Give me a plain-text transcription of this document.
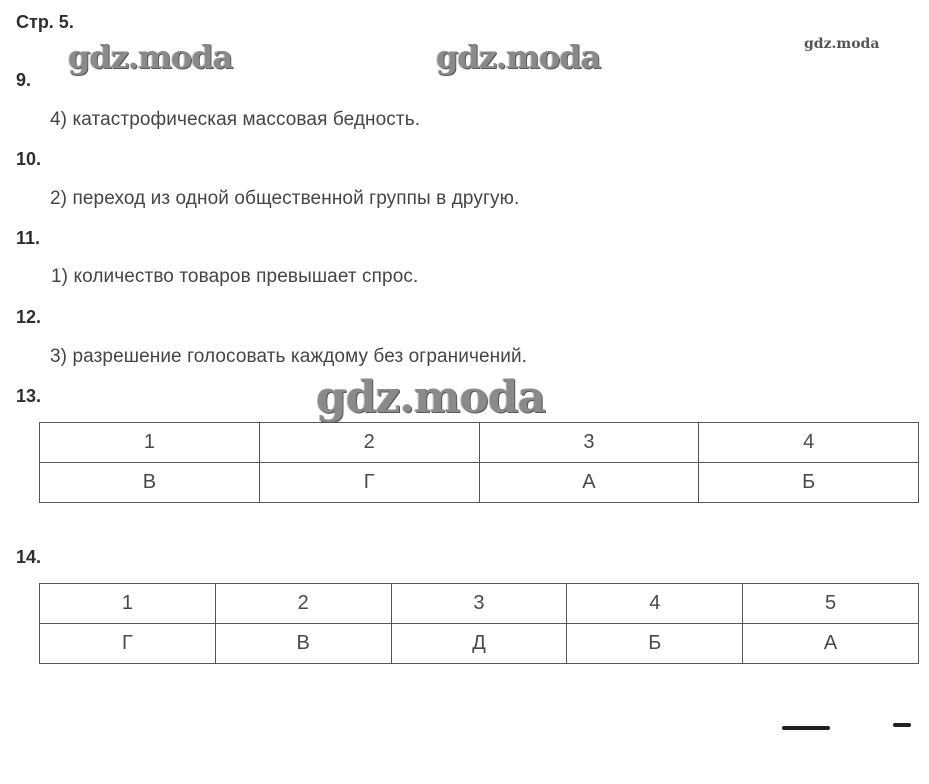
Стр. 5.
gdz.moda	gdz.moda	gdz.moda
gdz.moda
9.
4) катастрофическая массовая бедность.
10.
2) переход из одной общественной группы в другую.
11.
1) количество товаров превышает спрос.
12.
3) разрешение голосовать каждому без ограничений.
13.
1	2	3	4
В	Г	А	Б
14.
1	2	3	4	5
Г	В	Д	Б	А
